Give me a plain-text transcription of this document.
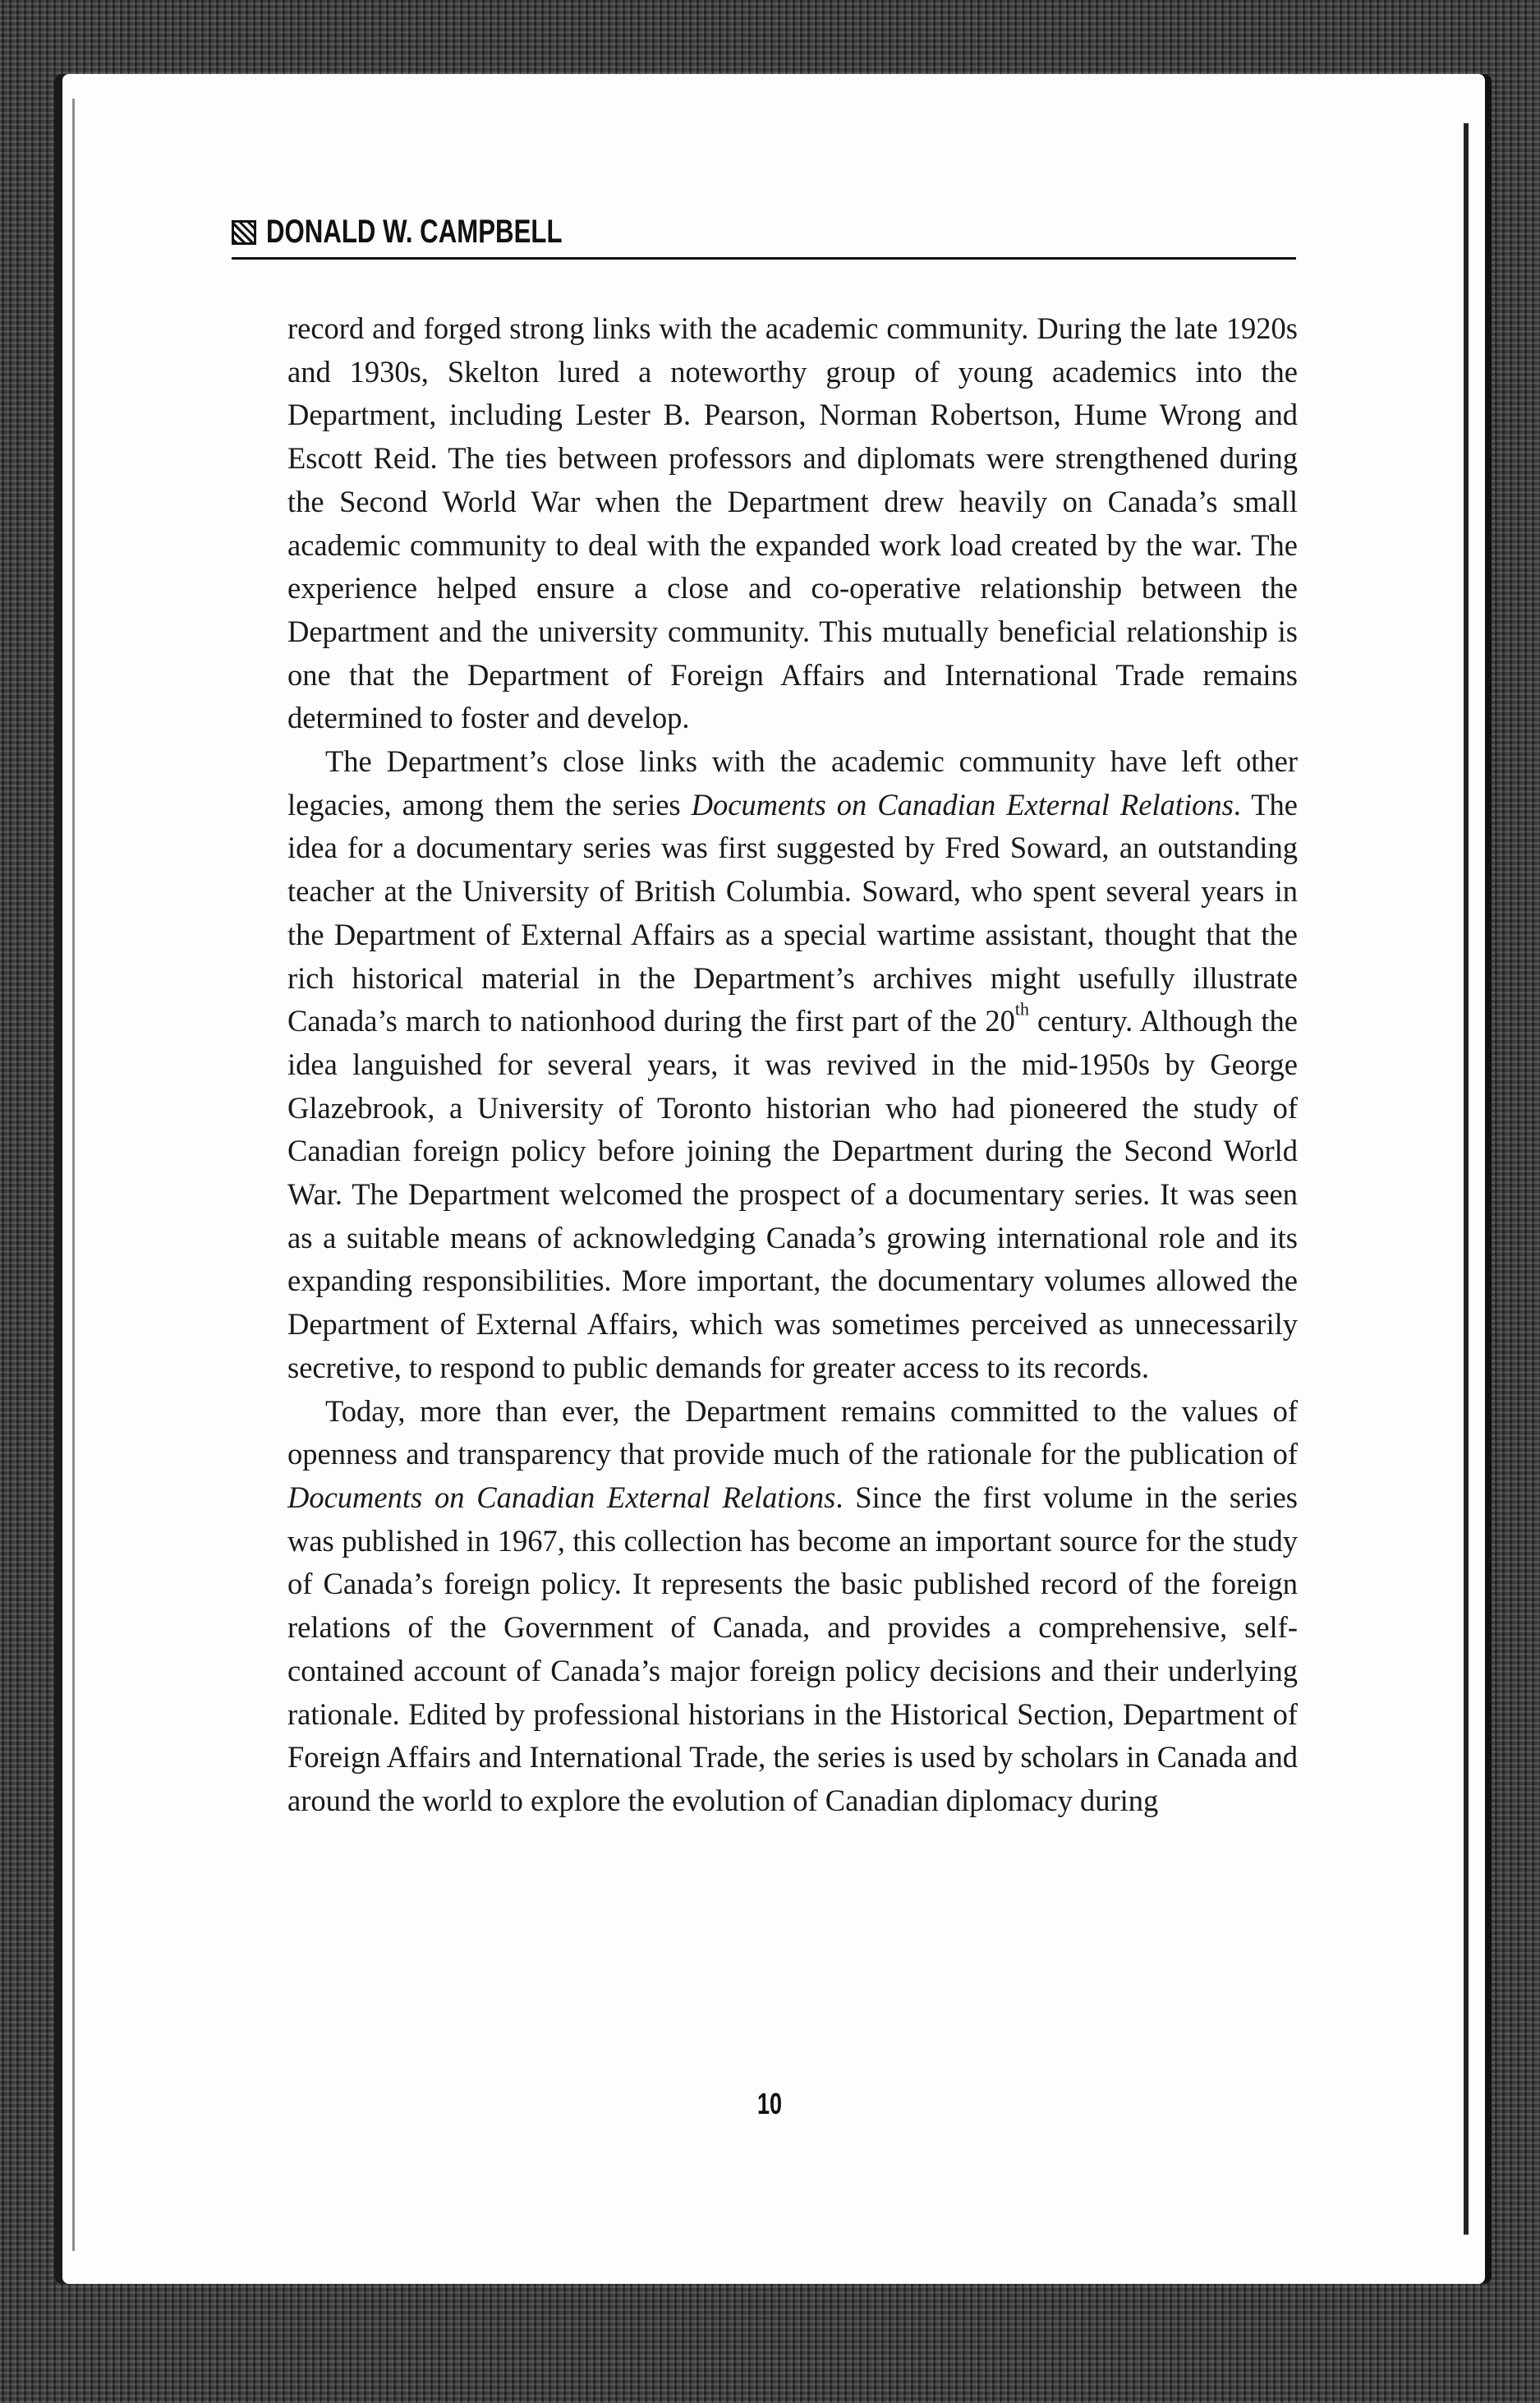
DONALD W. CAMPBELL

record and forged strong links with the academic community. During the late 1920s and 1930s, Skelton lured a noteworthy group of young academics into the Department, including Lester B. Pearson, Norman Robertson, Hume Wrong and Escott Reid. The ties between professors and diplomats were strengthened during the Second World War when the Department drew heavily on Canada’s small academic community to deal with the expanded work load created by the war. The experience helped ensure a close and co-operative relationship between the Department and the university community. This mutually beneficial relationship is one that the Department of Foreign Affairs and International Trade remains determined to foster and develop.

The Department’s close links with the academic community have left other legacies, among them the series Documents on Canadian External Relations. The idea for a documentary series was first suggested by Fred Soward, an outstanding teacher at the University of British Columbia. Soward, who spent several years in the Department of External Affairs as a special wartime assistant, thought that the rich historical material in the Department’s archives might usefully illustrate Canada’s march to nationhood during the first part of the 20th century. Although the idea languished for several years, it was revived in the mid-1950s by George Glazebrook, a University of Toronto historian who had pioneered the study of Canadian foreign policy before joining the Department during the Second World War. The Department welcomed the prospect of a documentary series. It was seen as a suitable means of acknowledging Canada’s growing international role and its expanding responsibilities. More important, the documentary volumes allowed the Department of External Affairs, which was sometimes perceived as unnecessarily secretive, to respond to public demands for greater access to its records.

Today, more than ever, the Department remains committed to the values of openness and transparency that provide much of the rationale for the publication of Documents on Canadian External Relations. Since the first volume in the series was published in 1967, this collection has become an important source for the study of Canada’s foreign policy. It represents the basic published record of the foreign relations of the Government of Canada, and provides a comprehensive, self-contained account of Canada’s major foreign policy decisions and their underlying rationale. Edited by professional historians in the Historical Section, Department of Foreign Affairs and International Trade, the series is used by scholars in Canada and around the world to explore the evolution of Canadian diplomacy during

10
